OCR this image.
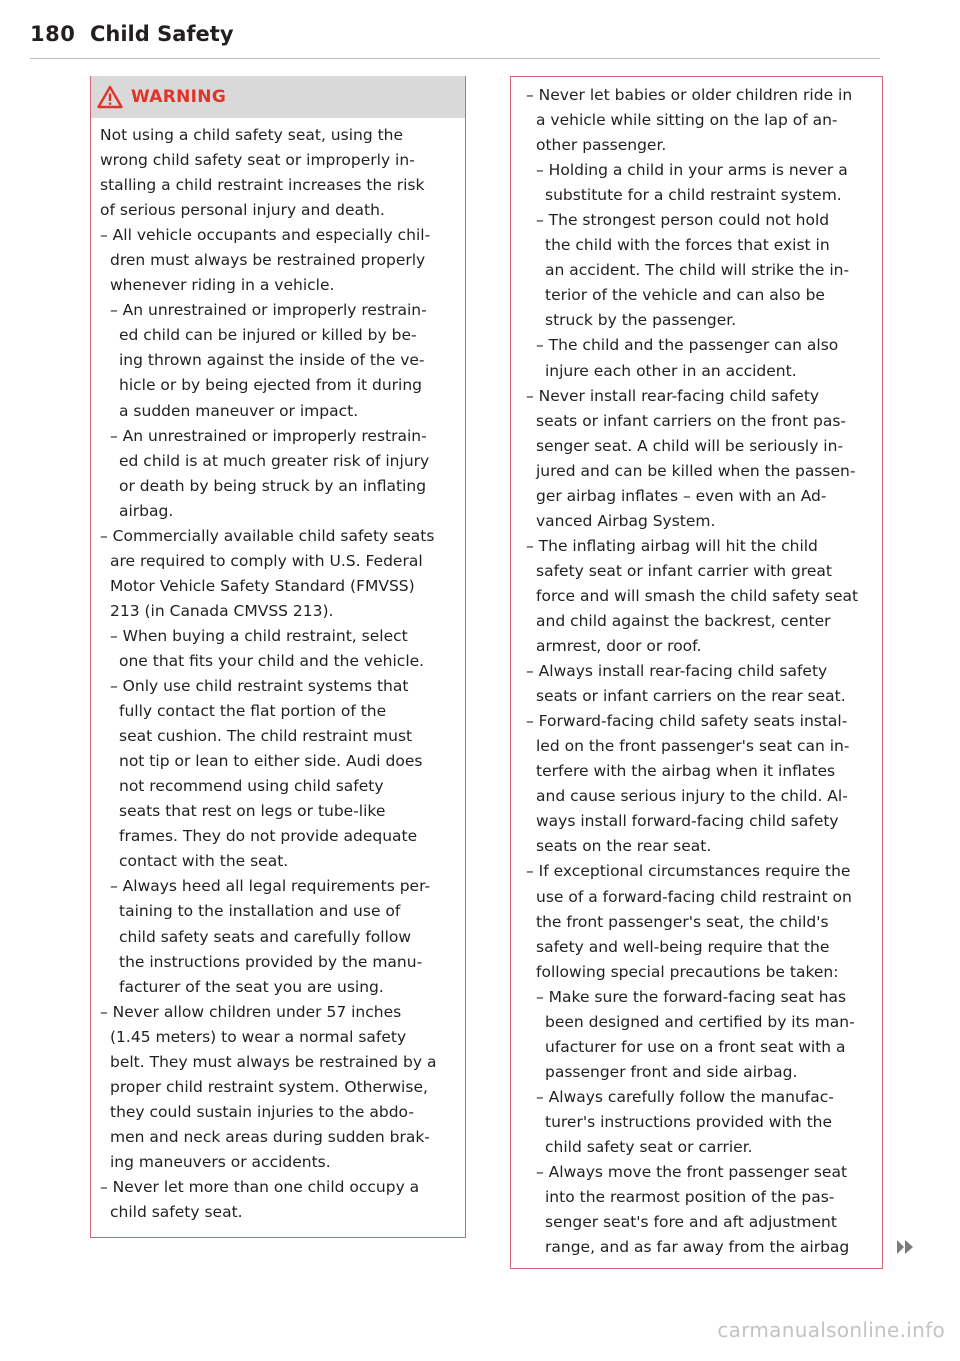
180 Child Safety
WARNING
Not using a child safety seat, using the
wrong child safety seat or improperly in-
stalling a child restraint increases the risk
of serious personal injury and death.
– All vehicle occupants and especially chil-
dren must always be restrained properly
whenever riding in a vehicle.
– An unrestrained or improperly restrain-
ed child can be injured or killed by be-
ing thrown against the inside of the ve-
hicle or by being ejected from it during
a sudden maneuver or impact.
– An unrestrained or improperly restrain-
ed child is at much greater risk of injury
or death by being struck by an inflating
airbag.
– Commercially available child safety seats
are required to comply with U.S. Federal
Motor Vehicle Safety Standard (FMVSS)
213 (in Canada CMVSS 213).
– When buying a child restraint, select
one that fits your child and the vehicle.
– Only use child restraint systems that
fully contact the flat portion of the
seat cushion. The child restraint must
not tip or lean to either side. Audi does
not recommend using child safety
seats that rest on legs or tube-like
frames. They do not provide adequate
contact with the seat.
– Always heed all legal requirements per-
taining to the installation and use of
child safety seats and carefully follow
the instructions provided by the manu-
facturer of the seat you are using.
– Never allow children under 57 inches
(1.45 meters) to wear a normal safety
belt. They must always be restrained by a
proper child restraint system. Otherwise,
they could sustain injuries to the abdo-
men and neck areas during sudden brak-
ing maneuvers or accidents.
– Never let more than one child occupy a
child safety seat.
– Never let babies or older children ride in
a vehicle while sitting on the lap of an-
other passenger.
– Holding a child in your arms is never a
substitute for a child restraint system.
– The strongest person could not hold
the child with the forces that exist in
an accident. The child will strike the in-
terior of the vehicle and can also be
struck by the passenger.
– The child and the passenger can also
injure each other in an accident.
– Never install rear-facing child safety
seats or infant carriers on the front pas-
senger seat. A child will be seriously in-
jured and can be killed when the passen-
ger airbag inflates – even with an Ad-
vanced Airbag System.
– The inflating airbag will hit the child
safety seat or infant carrier with great
force and will smash the child safety seat
and child against the backrest, center
armrest, door or roof.
– Always install rear-facing child safety
seats or infant carriers on the rear seat.
– Forward-facing child safety seats instal-
led on the front passenger's seat can in-
terfere with the airbag when it inflates
and cause serious injury to the child. Al-
ways install forward-facing child safety
seats on the rear seat.
– If exceptional circumstances require the
use of a forward-facing child restraint on
the front passenger's seat, the child's
safety and well-being require that the
following special precautions be taken:
– Make sure the forward-facing seat has
been designed and certified by its man-
ufacturer for use on a front seat with a
passenger front and side airbag.
– Always carefully follow the manufac-
turer's instructions provided with the
child safety seat or carrier.
– Always move the front passenger seat
into the rearmost position of the pas-
senger seat's fore and aft adjustment
range, and as far away from the airbag
carmanualsonline.info
